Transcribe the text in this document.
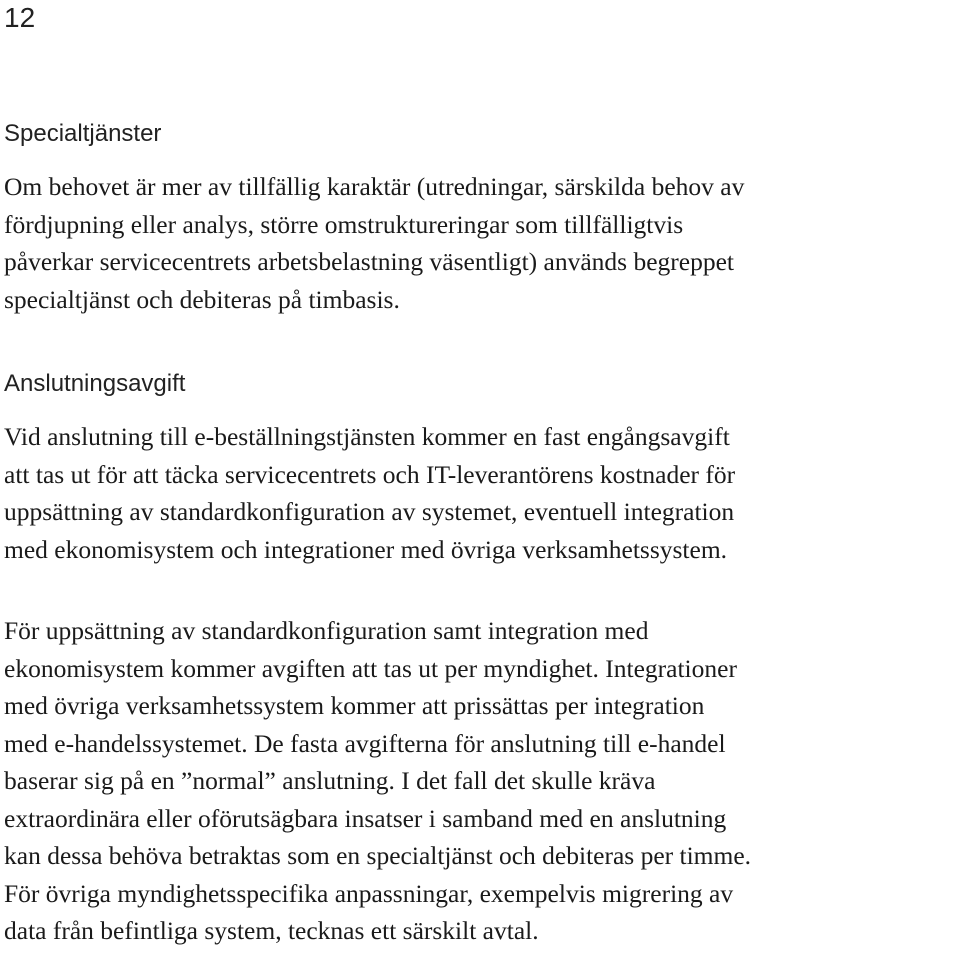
12
Specialtjänster

Om behovet är mer av tillfällig karaktär (utredningar, särskilda behov av
fördjupning eller analys, större omstruktureringar som tillfälligtvis
påverkar servicecentrets arbetsbelastning väsentligt) används begreppet
specialtjänst och debiteras på timbasis.

Anslutningsavgift

Vid anslutning till e-beställningstjänsten kommer en fast engångsavgift
att tas ut för att täcka servicecentrets och IT-leverantörens kostnader för
uppsättning av standardkonfiguration av systemet, eventuell integration
med ekonomisystem och integrationer med övriga verksamhetssystem.

För uppsättning av standardkonfiguration samt integration med
ekonomisystem kommer avgiften att tas ut per myndighet. Integrationer
med övriga verksamhetssystem kommer att prissättas per integration
med e-handelssystemet. De fasta avgifterna för anslutning till e-handel
baserar sig på en ”normal” anslutning. I det fall det skulle kräva
extraordinära eller oförutsägbara insatser i samband med en anslutning
kan dessa behöva betraktas som en specialtjänst och debiteras per timme.
För övriga myndighetsspecifika anpassningar, exempelvis migrering av
data från befintliga system, tecknas ett särskilt avtal.
